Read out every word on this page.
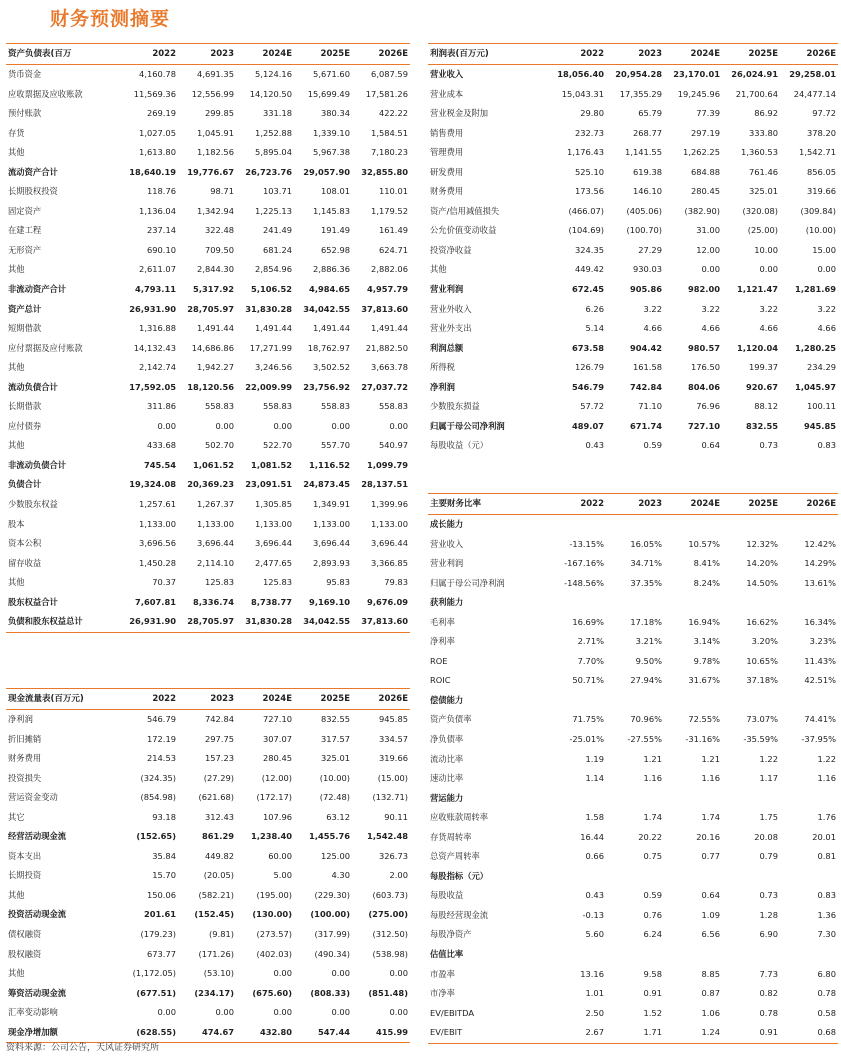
财务预测摘要
资产负债表(百万	2022	2023	2024E	2025E	2026E
货币资金	4,160.78	4,691.35	5,124.16	5,671.60	6,087.59
应收票据及应收账款	11,569.36	12,556.99	14,120.50	15,699.49	17,581.26
预付账款	269.19	299.85	331.18	380.34	422.22
存货	1,027.05	1,045.91	1,252.88	1,339.10	1,584.51
其他	1,613.80	1,182.56	5,895.04	5,967.38	7,180.23
流动资产合计	18,640.19	19,776.67	26,723.76	29,057.90	32,855.80
长期股权投资	118.76	98.71	103.71	108.01	110.01
固定资产	1,136.04	1,342.94	1,225.13	1,145.83	1,179.52
在建工程	237.14	322.48	241.49	191.49	161.49
无形资产	690.10	709.50	681.24	652.98	624.71
其他	2,611.07	2,844.30	2,854.96	2,886.36	2,882.06
非流动资产合计	4,793.11	5,317.92	5,106.52	4,984.65	4,957.79
资产总计	26,931.90	28,705.97	31,830.28	34,042.55	37,813.60
短期借款	1,316.88	1,491.44	1,491.44	1,491.44	1,491.44
应付票据及应付账款	14,132.43	14,686.86	17,271.99	18,762.97	21,882.50
其他	2,142.74	1,942.27	3,246.56	3,502.52	3,663.78
流动负债合计	17,592.05	18,120.56	22,009.99	23,756.92	27,037.72
长期借款	311.86	558.83	558.83	558.83	558.83
应付债券	0.00	0.00	0.00	0.00	0.00
其他	433.68	502.70	522.70	557.70	540.97
非流动负债合计	745.54	1,061.52	1,081.52	1,116.52	1,099.79
负债合计	19,324.08	20,369.23	23,091.51	24,873.45	28,137.51
少数股东权益	1,257.61	1,267.37	1,305.85	1,349.91	1,399.96
股本	1,133.00	1,133.00	1,133.00	1,133.00	1,133.00
资本公积	3,696.56	3,696.44	3,696.44	3,696.44	3,696.44
留存收益	1,450.28	2,114.10	2,477.65	2,893.93	3,366.85
其他	70.37	125.83	125.83	95.83	79.83
股东权益合计	7,607.81	8,336.74	8,738.77	9,169.10	9,676.09
负债和股东权益总计	26,931.90	28,705.97	31,830.28	34,042.55	37,813.60
利润表(百万元)	2022	2023	2024E	2025E	2026E
营业收入	18,056.40	20,954.28	23,170.01	26,024.91	29,258.01
营业成本	15,043.31	17,355.29	19,245.96	21,700.64	24,477.14
营业税金及附加	29.80	65.79	77.39	86.92	97.72
销售费用	232.73	268.77	297.19	333.80	378.20
管理费用	1,176.43	1,141.55	1,262.25	1,360.53	1,542.71
研发费用	525.10	619.38	684.88	761.46	856.05
财务费用	173.56	146.10	280.45	325.01	319.66
资产/信用减值损失	(466.07)	(405.06)	(382.90)	(320.08)	(309.84)
公允价值变动收益	(104.69)	(100.70)	31.00	(25.00)	(10.00)
投资净收益	324.35	27.29	12.00	10.00	15.00
其他	449.42	930.03	0.00	0.00	0.00
营业利润	672.45	905.86	982.00	1,121.47	1,281.69
营业外收入	6.26	3.22	3.22	3.22	3.22
营业外支出	5.14	4.66	4.66	4.66	4.66
利润总额	673.58	904.42	980.57	1,120.04	1,280.25
所得税	126.79	161.58	176.50	199.37	234.29
净利润	546.79	742.84	804.06	920.67	1,045.97
少数股东损益	57.72	71.10	76.96	88.12	100.11
归属于母公司净利润	489.07	671.74	727.10	832.55	945.85
每股收益（元）	0.43	0.59	0.64	0.73	0.83
现金流量表(百万元)	2022	2023	2024E	2025E	2026E
净利润	546.79	742.84	727.10	832.55	945.85
折旧摊销	172.19	297.75	307.07	317.57	334.57
财务费用	214.53	157.23	280.45	325.01	319.66
投资损失	(324.35)	(27.29)	(12.00)	(10.00)	(15.00)
营运资金变动	(854.98)	(621.68)	(172.17)	(72.48)	(132.71)
其它	93.18	312.43	107.96	63.12	90.11
经营活动现金流	(152.65)	861.29	1,238.40	1,455.76	1,542.48
资本支出	35.84	449.82	60.00	125.00	326.73
长期投资	15.70	(20.05)	5.00	4.30	2.00
其他	150.06	(582.21)	(195.00)	(229.30)	(603.73)
投资活动现金流	201.61	(152.45)	(130.00)	(100.00)	(275.00)
债权融资	(179.23)	(9.81)	(273.57)	(317.99)	(312.50)
股权融资	673.77	(171.26)	(402.03)	(490.34)	(538.98)
其他	(1,172.05)	(53.10)	0.00	0.00	0.00
筹资活动现金流	(677.51)	(234.17)	(675.60)	(808.33)	(851.48)
汇率变动影响	0.00	0.00	0.00	0.00	0.00
现金净增加额	(628.55)	474.67	432.80	547.44	415.99
主要财务比率	2022	2023	2024E	2025E	2026E
成长能力					
营业收入	-13.15%	16.05%	10.57%	12.32%	12.42%
营业利润	-167.16%	34.71%	8.41%	14.20%	14.29%
归属于母公司净利润	-148.56%	37.35%	8.24%	14.50%	13.61%
获利能力					
毛利率	16.69%	17.18%	16.94%	16.62%	16.34%
净利率	2.71%	3.21%	3.14%	3.20%	3.23%
ROE	7.70%	9.50%	9.78%	10.65%	11.43%
ROIC	50.71%	27.94%	31.67%	37.18%	42.51%
偿债能力					
资产负债率	71.75%	70.96%	72.55%	73.07%	74.41%
净负债率	-25.01%	-27.55%	-31.16%	-35.59%	-37.95%
流动比率	1.19	1.21	1.21	1.22	1.22
速动比率	1.14	1.16	1.16	1.17	1.16
营运能力					
应收账款周转率	1.58	1.74	1.74	1.75	1.76
存货周转率	16.44	20.22	20.16	20.08	20.01
总资产周转率	0.66	0.75	0.77	0.79	0.81
每股指标（元）					
每股收益	0.43	0.59	0.64	0.73	0.83
每股经营现金流	-0.13	0.76	1.09	1.28	1.36
每股净资产	5.60	6.24	6.56	6.90	7.30
估值比率					
市盈率	13.16	9.58	8.85	7.73	6.80
市净率	1.01	0.91	0.87	0.82	0.78
EV/EBITDA	2.50	1.52	1.06	0.78	0.58
EV/EBIT	2.67	1.71	1.24	0.91	0.68
资料来源：公司公告，天风证券研究所
